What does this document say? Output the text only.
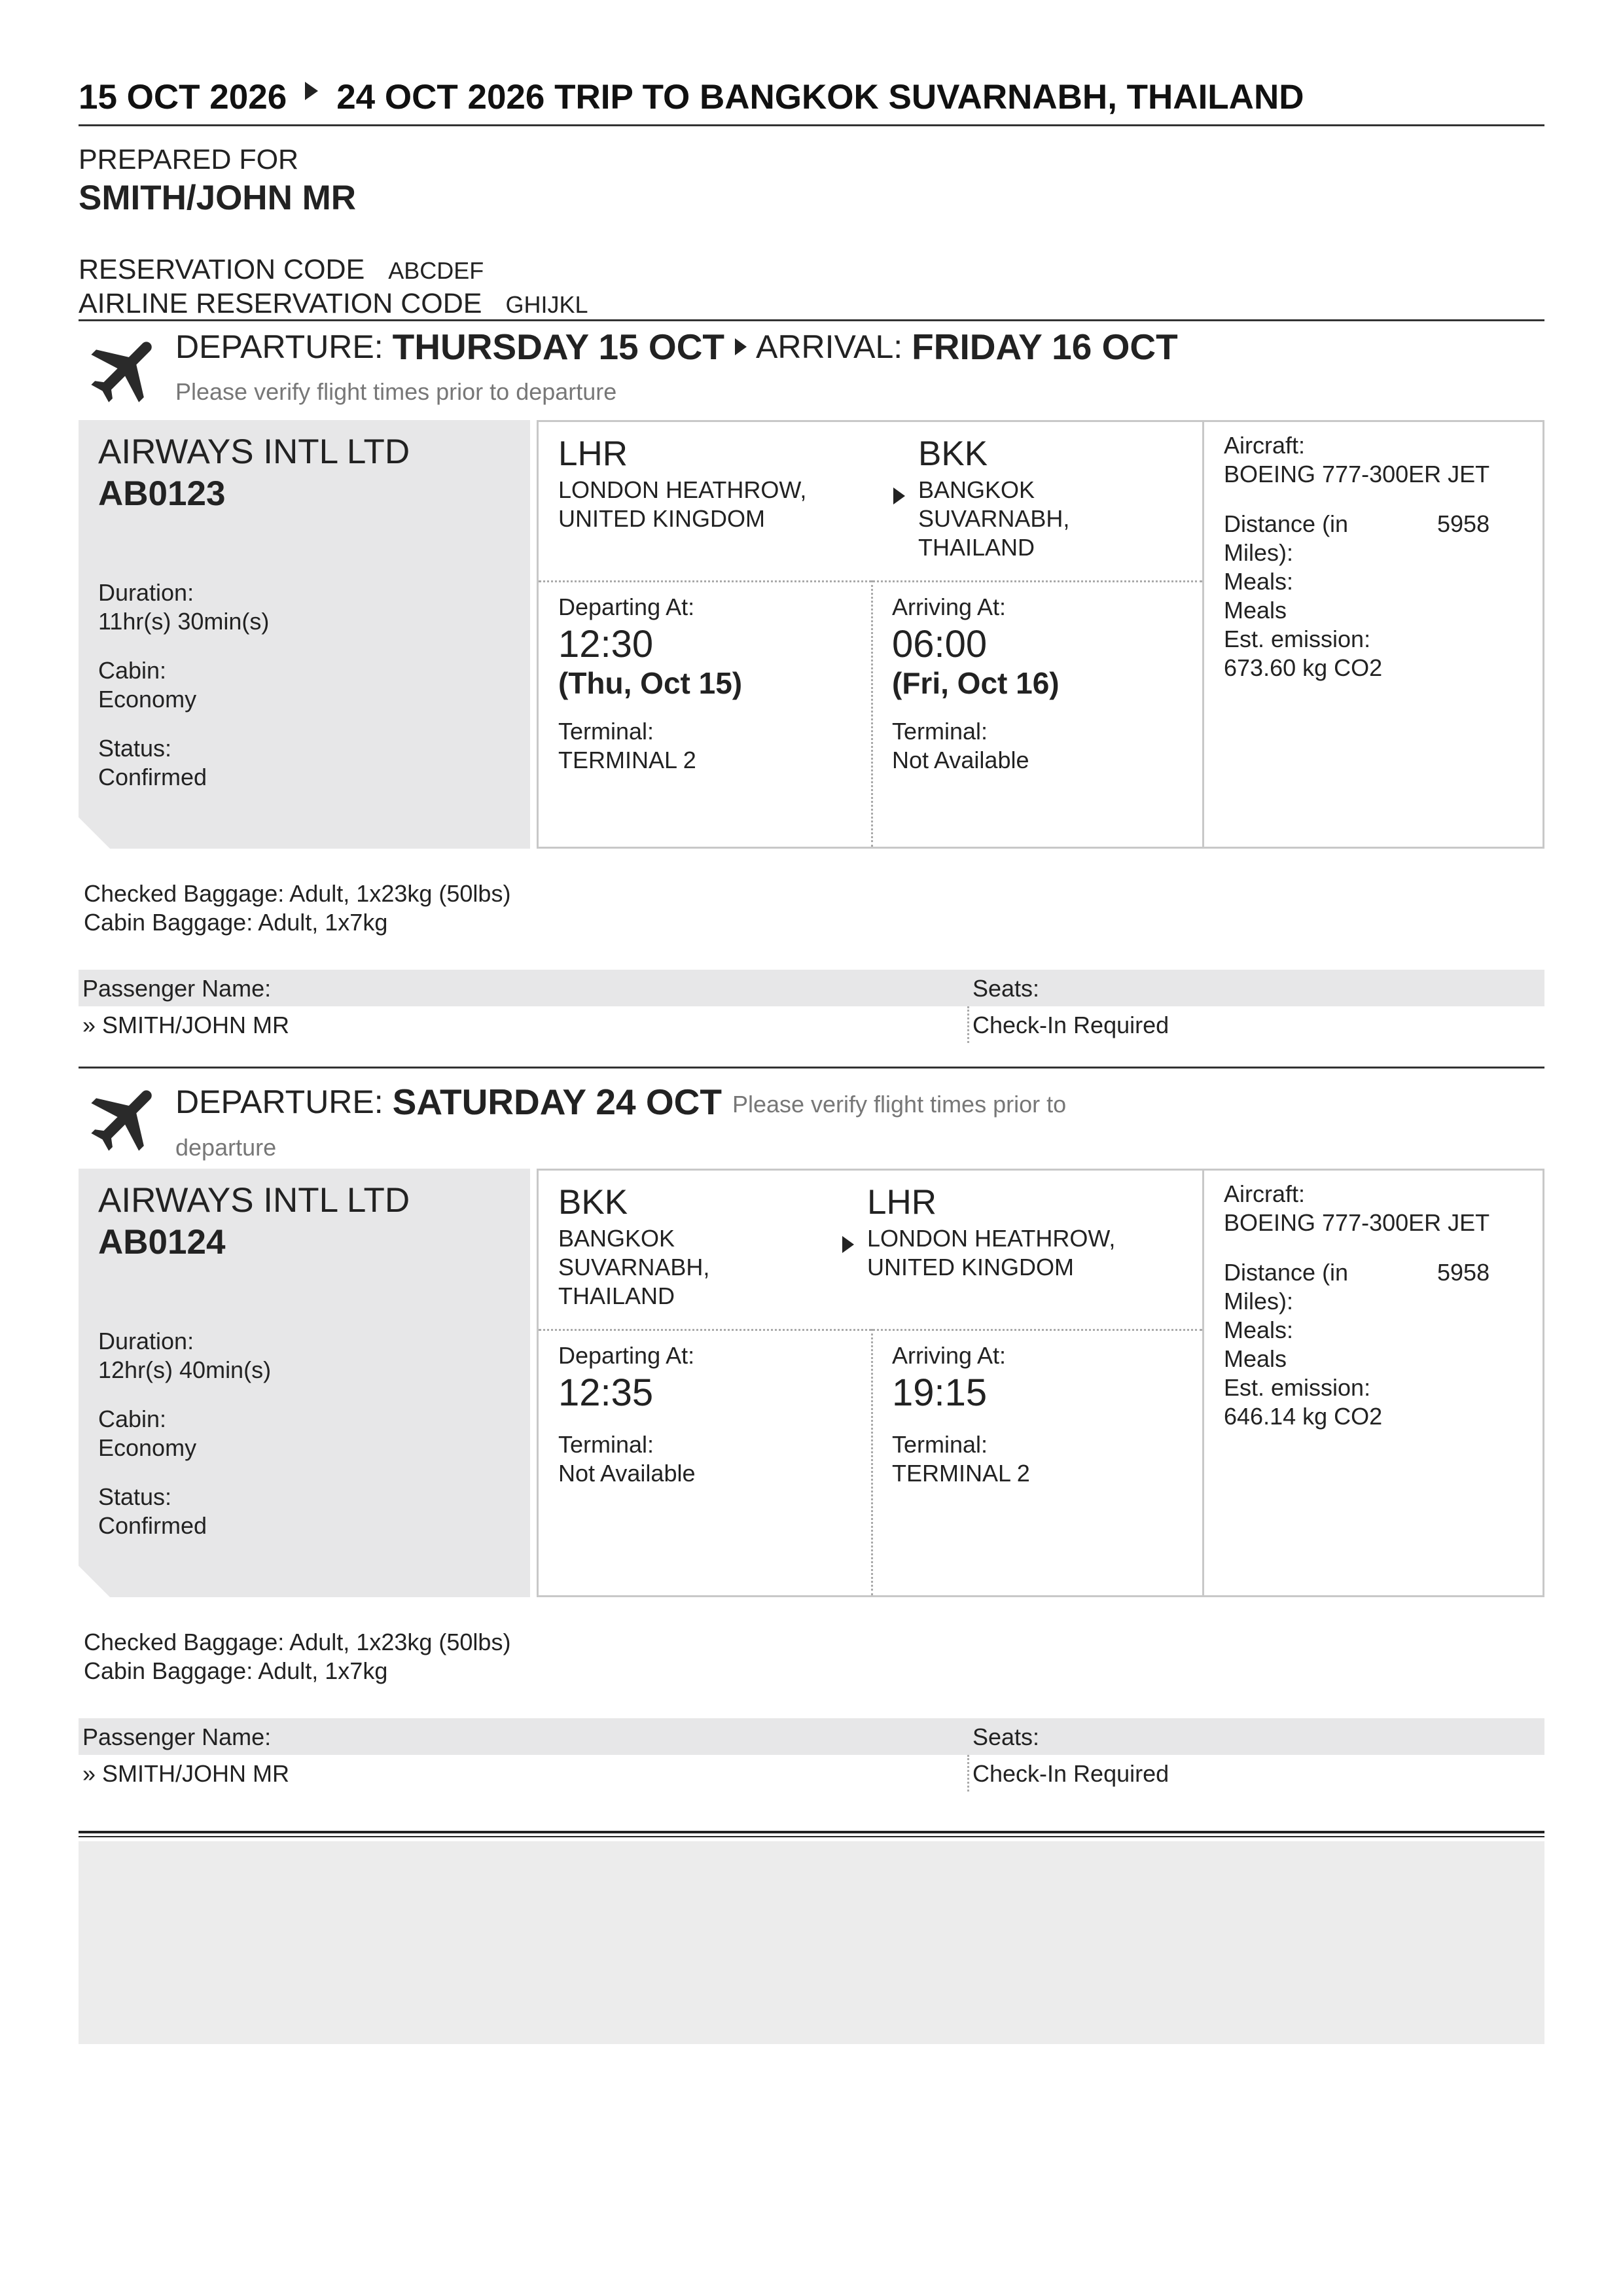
15 OCT 2026 24 OCT 2026 TRIP TO BANGKOK SUVARNABH, THAILAND
PREPARED FOR
SMITH/JOHN MR
RESERVATION CODE ABCDEF
AIRLINE RESERVATION CODE GHIJKL
DEPARTURE: THURSDAY 15 OCT ARRIVAL: FRIDAY 16 OCT
Please verify flight times prior to departure
AIRWAYS INTL LTD
AB0123
Duration:
11hr(s) 30min(s)
Cabin:
Economy
Status:
Confirmed
LHR
LONDON HEATHROW,
UNITED KINGDOM
BKK
BANGKOK
SUVARNABH,
THAILAND
Departing At:
12:30
(Thu, Oct 15)
Terminal:
TERMINAL 2
Arriving At:
06:00
(Fri, Oct 16)
Terminal:
Not Available
Aircraft:
BOEING 777-300ER JET
Distance (in
Miles):
5958
Meals:
Meals
Est. emission:
673.60 kg CO2
Checked Baggage: Adult, 1x23kg (50lbs)
Cabin Baggage: Adult, 1x7kg
Passenger Name:	Seats:
» SMITH/JOHN MR	Check-In Required
DEPARTURE: SATURDAY 24 OCT Please verify flight times prior to
departure
AIRWAYS INTL LTD
AB0124
Duration:
12hr(s) 40min(s)
Cabin:
Economy
Status:
Confirmed
BKK
BANGKOK
SUVARNABH,
THAILAND
LHR
LONDON HEATHROW,
UNITED KINGDOM
Departing At:
12:35
Terminal:
Not Available
Arriving At:
19:15
Terminal:
TERMINAL 2
Aircraft:
BOEING 777-300ER JET
Distance (in
Miles):
5958
Meals:
Meals
Est. emission:
646.14 kg CO2
Checked Baggage: Adult, 1x23kg (50lbs)
Cabin Baggage: Adult, 1x7kg
Passenger Name:	Seats:
» SMITH/JOHN MR	Check-In Required
